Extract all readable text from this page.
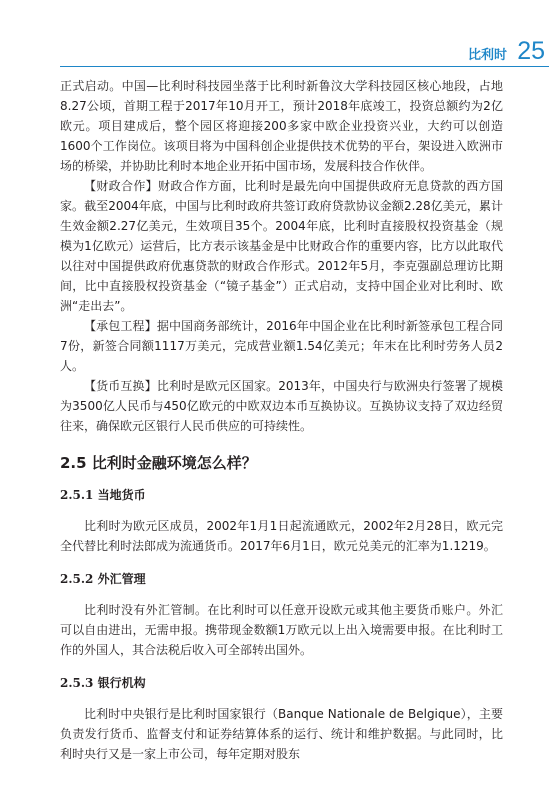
比利时 25

正式启动。中国—比利时科技园坐落于比利时新鲁汶大学科技园区核心地段，占地8.27公顷，首期工程于2017年10月开工，预计2018年底竣工，投资总额约为2亿欧元。项目建成后，整个园区将迎接200多家中欧企业投资兴业，大约可以创造1600个工作岗位。该项目将为中国科创企业提供技术优势的平台，架设进入欧洲市场的桥梁，并协助比利时本地企业开拓中国市场，发展科技合作伙伴。

【财政合作】财政合作方面，比利时是最先向中国提供政府无息贷款的西方国家。截至2004年底，中国与比利时政府共签订政府贷款协议金额2.28亿美元，累计生效金额2.27亿美元，生效项目35个。2004年底，比利时直接股权投资基金（规模为1亿欧元）运营后，比方表示该基金是中比财政合作的重要内容，比方以此取代以往对中国提供政府优惠贷款的财政合作形式。2012年5月，李克强副总理访比期间，比中直接股权投资基金（“镜子基金”）正式启动，支持中国企业对比利时、欧洲“走出去”。

【承包工程】据中国商务部统计，2016年中国企业在比利时新签承包工程合同7份，新签合同额1117万美元，完成营业额1.54亿美元；年末在比利时劳务人员2人。

【货币互换】比利时是欧元区国家。2013年，中国央行与欧洲央行签署了规模为3500亿人民币与450亿欧元的中欧双边本币互换协议。互换协议支持了双边经贸往来，确保欧元区银行人民币供应的可持续性。

2.5 比利时金融环境怎么样？
2.5.1 当地货币

比利时为欧元区成员，2002年1月1日起流通欧元，2002年2月28日，欧元完全代替比利时法郎成为流通货币。2017年6月1日，欧元兑美元的汇率为1.1219。

2.5.2 外汇管理

比利时没有外汇管制。在比利时可以任意开设欧元或其他主要货币账户。外汇可以自由进出，无需申报。携带现金数额1万欧元以上出入境需要申报。在比利时工作的外国人，其合法税后收入可全部转出国外。

2.5.3 银行机构

比利时中央银行是比利时国家银行（Banque Nationale de Belgique），主要负责发行货币、监督支付和证券结算体系的运行、统计和维护数据。与此同时，比利时央行又是一家上市公司，每年定期对股东
